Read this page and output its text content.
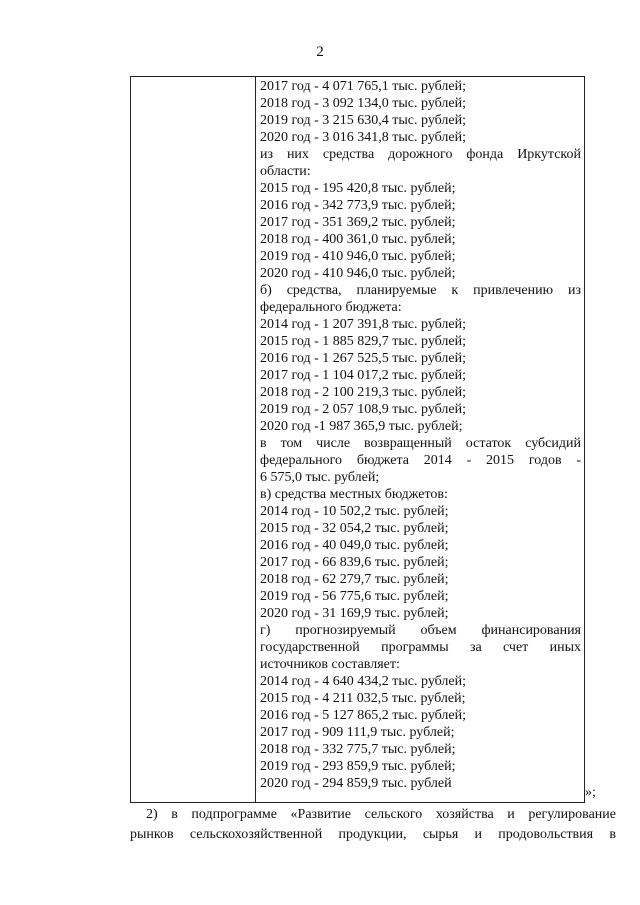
2
2017 год - 4 071 765,1 тыс. рублей;
2018 год - 3 092 134,0 тыс. рублей;
2019 год - 3 215 630,4 тыс. рублей;
2020 год - 3 016 341,8 тыс. рублей;
из них средства дорожного фонда Иркутской
области:
2015 год - 195 420,8 тыс. рублей;
2016 год - 342 773,9 тыс. рублей;
2017 год - 351 369,2 тыс. рублей;
2018 год - 400 361,0 тыс. рублей;
2019 год - 410 946,0 тыс. рублей;
2020 год - 410 946,0 тыс. рублей;
б) средства, планируемые к привлечению из
федерального бюджета:
2014 год - 1 207 391,8 тыс. рублей;
2015 год - 1 885 829,7 тыс. рублей;
2016 год - 1 267 525,5 тыс. рублей;
2017 год - 1 104 017,2 тыс. рублей;
2018 год - 2 100 219,3 тыс. рублей;
2019 год - 2 057 108,9 тыс. рублей;
2020 год -1 987 365,9 тыс. рублей;
в том числе возвращенный остаток субсидий
федерального бюджета 2014 - 2015 годов -
6 575,0 тыс. рублей;
в) средства местных бюджетов:
2014 год - 10 502,2 тыс. рублей;
2015 год - 32 054,2 тыс. рублей;
2016 год - 40 049,0 тыс. рублей;
2017 год - 66 839,6 тыс. рублей;
2018 год - 62 279,7 тыс. рублей;
2019 год - 56 775,6 тыс. рублей;
2020 год - 31 169,9 тыс. рублей;
г) прогнозируемый объем финансирования
государственной программы за счет иных
источников составляет:
2014 год - 4 640 434,2 тыс. рублей;
2015 год - 4 211 032,5 тыс. рублей;
2016 год - 5 127 865,2 тыс. рублей;
2017 год - 909 111,9 тыс. рублей;
2018 год - 332 775,7 тыс. рублей;
2019 год - 293 859,9 тыс. рублей;
2020 год - 294 859,9 тыс. рублей
»;
2) в подпрограмме «Развитие сельского хозяйства и регулирование
рынков сельскохозяйственной продукции, сырья и продовольствия в
